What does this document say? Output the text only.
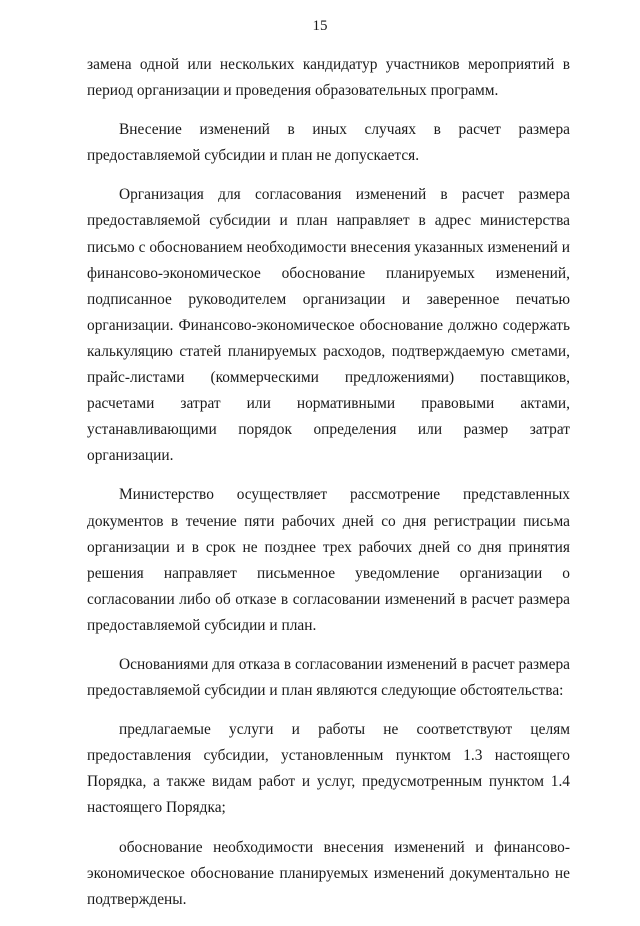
15

замена одной или нескольких кандидатур участников мероприятий в период организации и проведения образовательных программ.

Внесение изменений в иных случаях в расчет размера предоставляемой субсидии и план не допускается.

Организация для согласования изменений в расчет размера предоставляемой субсидии и план направляет в адрес министерства письмо с обоснованием необходимости внесения указанных изменений и финансово-экономическое обоснование планируемых изменений, подписанное руководителем организации и заверенное печатью организации. Финансово-экономическое обоснование должно содержать калькуляцию статей планируемых расходов, подтверждаемую сметами, прайс-листами (коммерческими предложениями) поставщиков, расчетами затрат или нормативными правовыми актами, устанавливающими порядок определения или размер затрат организации.

Министерство осуществляет рассмотрение представленных документов в течение пяти рабочих дней со дня регистрации письма организации и в срок не позднее трех рабочих дней со дня принятия решения направляет письменное уведомление организации о согласовании либо об отказе в согласовании изменений в расчет размера предоставляемой субсидии и план.

Основаниями для отказа в согласовании изменений в расчет размера предоставляемой субсидии и план являются следующие обстоятельства:

предлагаемые услуги и работы не соответствуют целям предоставления субсидии, установленным пунктом 1.3 настоящего Порядка, а также видам работ и услуг, предусмотренным пунктом 1.4 настоящего Порядка;

обоснование необходимости внесения изменений и финансово-экономическое обоснование планируемых изменений документально не подтверждены.
